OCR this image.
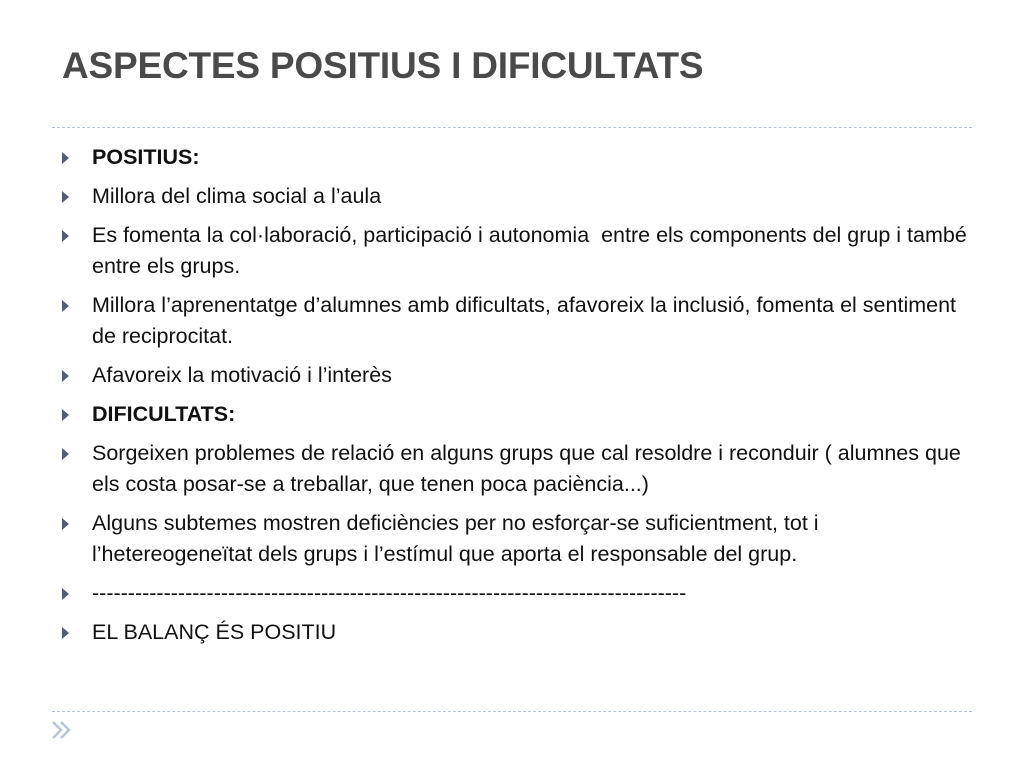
ASPECTES POSITIUS I DIFICULTATS
POSITIUS:
Millora del clima social a l’aula
Es fomenta la col·laboració, participació i autonomia  entre els components del grup i també entre els grups.
Millora l’aprenentatge d’alumnes amb dificultats, afavoreix la inclusió, fomenta el sentiment de reciprocitat.
Afavoreix la motivació i l’interès
DIFICULTATS:
Sorgeixen problemes de relació en alguns grups que cal resoldre i reconduir ( alumnes que els costa posar-se a treballar, que tenen poca paciència...)
Alguns subtemes mostren deficiències per no esforçar-se suficientment, tot i l’hetereogeneïtat dels grups i l’estímul que aporta el responsable del grup.
-----------------------------------------------------------------------------------
EL BALANÇ ÉS POSITIU
